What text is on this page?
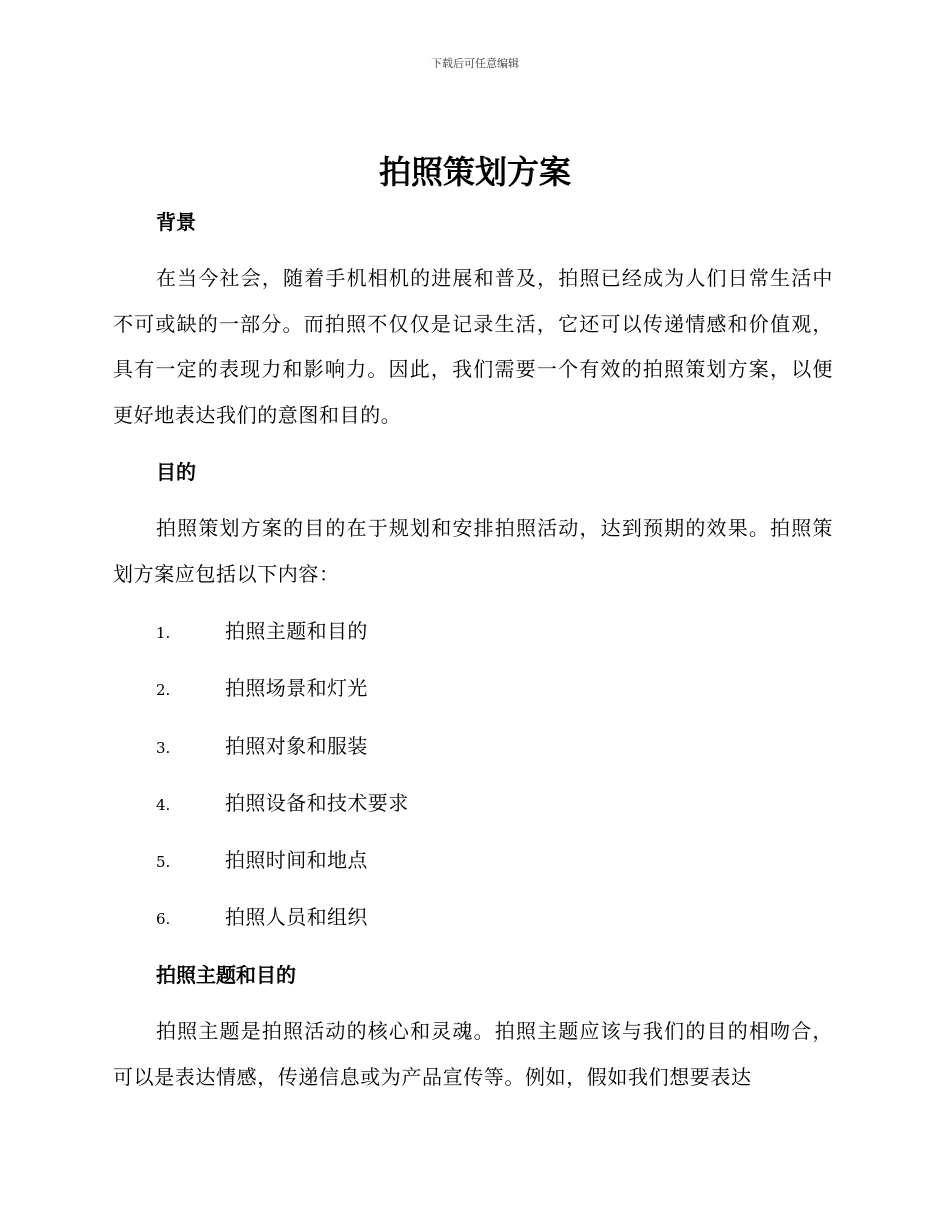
下载后可任意编辑
拍照策划方案
背景

在当今社会，随着手机相机的进展和普及，拍照已经成为人们日常生活中不可或缺的一部分。而拍照不仅仅是记录生活，它还可以传递情感和价值观，具有一定的表现力和影响力。因此，我们需要一个有效的拍照策划方案，以便更好地表达我们的意图和目的。

目的

拍照策划方案的目的在于规划和安排拍照活动，达到预期的效果。拍照策划方案应包括以下内容：

1.	拍照主题和目的
2.	拍照场景和灯光
3.	拍照对象和服装
4.	拍照设备和技术要求
5.	拍照时间和地点
6.	拍照人员和组织
拍照主题和目的

拍照主题是拍照活动的核心和灵魂。拍照主题应该与我们的目的相吻合，可以是表达情感，传递信息或为产品宣传等。例如，假如我们想要表达
